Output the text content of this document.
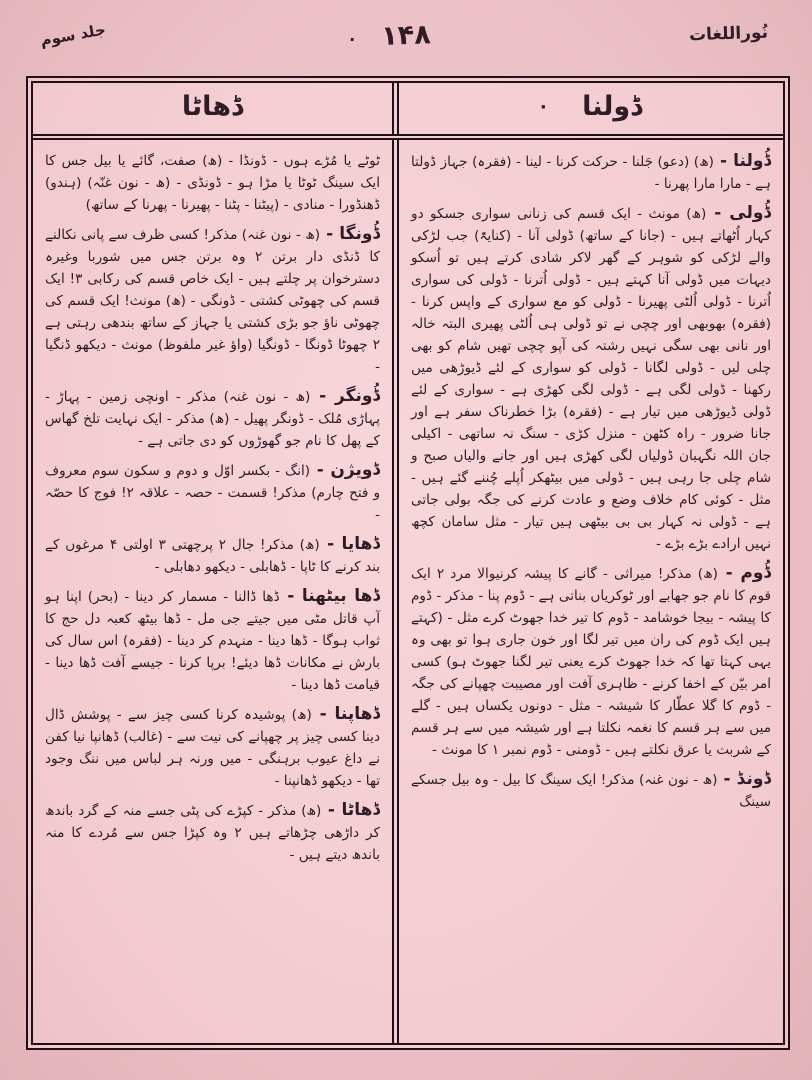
نُوراللغات
جلد سوم	۱۴۸
.
ڈولنا ·
ڈھاٹا

ڈُولنا - (ھ) (دعو) جَلنا - حرکت کرنا - لینا - (فقرہ) جہاز ڈولتا ہے - مارا مارا پھرنا -

ڈُولی - (ھ) مونث - ایک قسم کی زنانی سواری جسکو دو کہار اُٹھاتے ہیں - (جانا کے ساتھ) ڈولی آنا - (کنایۃً) جب لڑکی والے لڑکی کو شوہر کے گھر لاکر شادی کرتے ہیں تو اُسکو دیہات میں ڈولی آنا کہتے ہیں - ڈولی اُترنا - ڈولی کی سواری اُترنا - ڈولی اُلٹی پھیرنا - ڈولی کو مع سواری کے واپس کرنا - (فقرہ) بھوبھی اور چچی نے تو ڈولی ہی اُلٹی پھیری البتہ خالہ اور نانی بھی سگی نہیں رشتہ کی آپو چچی تھیں شام کو بھی چلی لیں - ڈولی لگانا - ڈولی کو سواری کے لئے ڈیوڑھی میں رکھنا - ڈولی لگی ہے - ڈولی لگی کھڑی ہے - سواری کے لئے ڈولی ڈیوڑھی میں تیار ہے - (فقرہ) بڑا خطرناک سفر ہے اور جانا ضرور - راہ کٹھن - منزل کڑی - سنگ نہ ساتھی - اکیلی جان اللہ نگہبان ڈولیاں لگی کھڑی ہیں اور جانے والیاں صبح و شام چلی جا رہی ہیں - ڈولی میں بیٹھکر اُپلے چُننے گئے ہیں - مثل - کوئی کام خلاف وضع و عادت کرنے کی جگہ بولی جاتی ہے - ڈولی نہ کہار بی بی بیٹھی ہیں تیار - مثل سامان کچھ نہیں ارادے بڑے بڑے -

ڈُوم - (ھ) مذکر! میراثی - گانے کا پیشہ کرنیوالا مرد ۲ ایک قوم کا نام جو جھابے اور ٹوکریاں بناتی ہے - ڈوم پنا - مذکر - ڈوم کا پیشہ - بیجا خوشامد - ڈوم کا تیر خدا جھوٹ کرے مثل - (کہتے ہیں ایک ڈوم کی ران میں تیر لگا اور خون جاری ہوا تو بھی وہ یہی کہتا تھا کہ خدا جھوٹ کرے یعنی تیر لگنا جھوٹ ہو) کسی امر بیّن کے اخفا کرنے - ظاہری آفت اور مصیبت چھپانے کی جگہ - ڈوم کا گلا عطّار کا شیشہ - مثل - دونوں یکساں ہیں - گلے میں سے ہر قسم کا نغمہ نکلتا ہے اور شیشہ میں سے ہر قسم کے شربت یا عرق نکلتے ہیں - ڈومنی - ڈوم نمبر ۱ کا مونث -

ڈونڈ - (ھ - نون غنہ) مذکر! ایک سینگ کا بیل - وہ بیل جسکے سینگ

ٹوٹے یا مُڑے ہوں - ڈونڈا - (ھ) صفت، گائے یا بیل جس کا ایک سینگ ٹوٹا یا مڑا ہو - ڈونڈی - (ھ - نون غنّہ) (ہندو) ڈھنڈورا - منادی - (پیٹنا - پٹنا - پھیرنا - پھرنا کے ساتھ)

ڈُونگا - (ھ - نون غنہ) مذکر! کسی ظرف سے پانی نکالنے کا ڈنڈی دار برتن ۲ وہ برتن جس میں شوربا وغیرہ دسترخوان پر چلتے ہیں - ایک خاص قسم کی رکابی ۳! ایک قسم کی چھوٹی کشتی - ڈونگی - (ھ) مونث! ایک قسم کی چھوٹی ناؤ جو بڑی کشتی یا جہاز کے ساتھ بندھی رہتی ہے ۲ چھوٹا ڈونگا - ڈونگیا (واؤ غیر ملفوظ) مونث - دیکھو ڈنگیا -

ڈُونگر - (ھ - نون غنہ) مذکر - اونچی زمین - پہاڑ - پہاڑی مُلک - ڈونگر پھیل - (ھ) مذکر - ایک نہایت تلخ گھاس کے پھل کا نام جو گھوڑوں کو دی جاتی ہے -

ڈویژن - (انگ - بکسر اوّل و دوم و سکون سوم معروف و فتح چارم) مذکر! قسمت - حصہ - علاقہ ۲! فوج کا حصّہ -

ڈھایا - (ھ) مذکر! جال ۲ پرچھتی ۳ اولتی ۴ مرغوں کے بند کرنے کا ٹاپا - ڈھابلی - دیکھو دھابلی -

ڈھا بیٹھنا - ڈھا ڈالنا - مسمار کر دینا - (بحر) اپنا ہو آپ قاتل مٹی میں جیتے جی مل - ڈھا بیٹھ کعبہ دل حج کا ثواب ہوگا - ڈھا دینا - منہدم کر دینا - (فقرہ) اس سال کی بارش نے مکانات ڈھا دیئے! برپا کرنا - جیسے آفت ڈھا دینا - قیامت ڈھا دینا -

ڈھاپنا - (ھ) پوشیدہ کرنا کسی چیز سے - پوشش ڈال دینا کسی چیز پر چھپانے کی نیت سے - (غالب) ڈھانپا نیا کفن نے داغ عیوب برہنگی - میں ورنہ ہر لباس میں ننگ وجود تھا - دیکھو ڈھانپنا -

ڈھاٹا - (ھ) مذکر - کپڑے کی پٹی جسے منہ کے گرد باندھ کر داڑھی چڑھاتے ہیں ۲ وہ کپڑا جس سے مُردے کا منہ باندھ دیتے ہیں -
